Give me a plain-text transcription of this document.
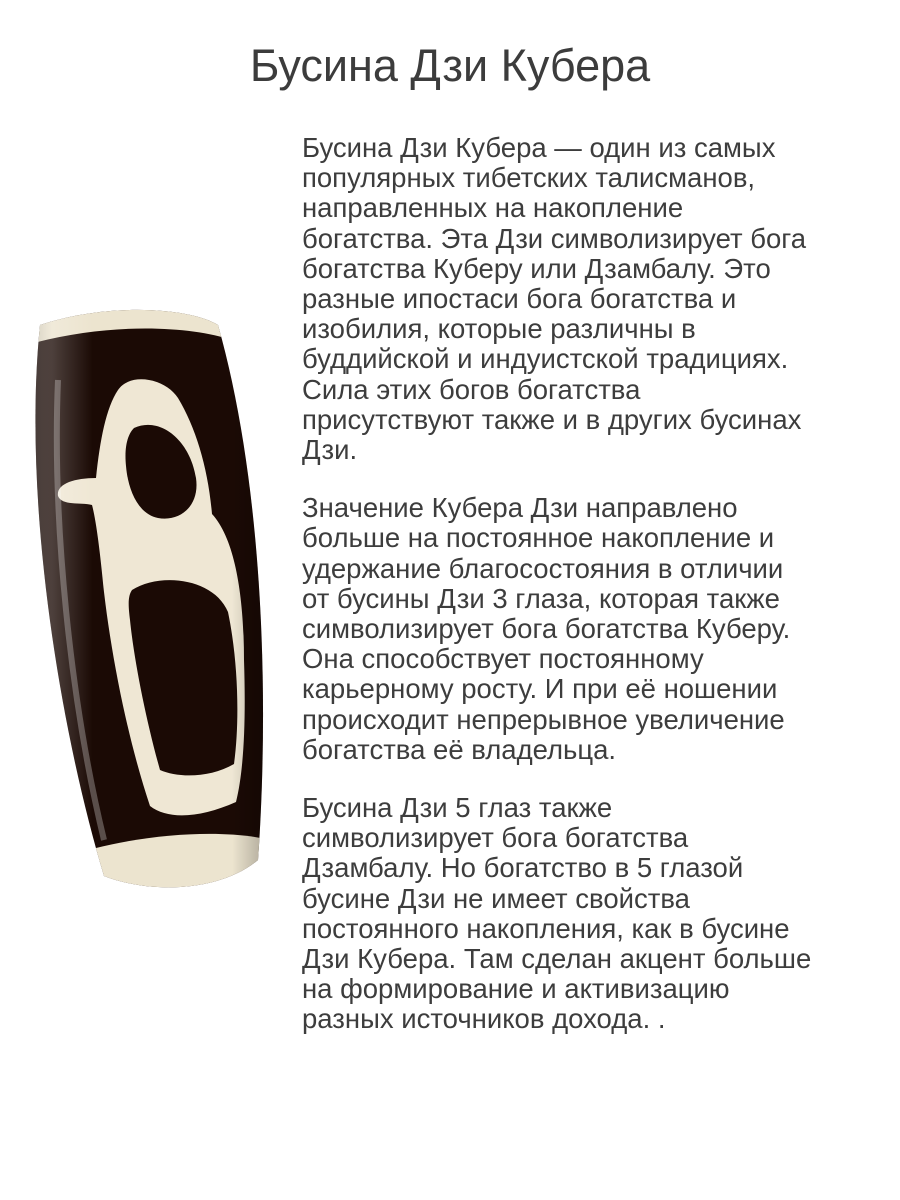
Бусина Дзи Кубера

Бусина Дзи Кубера — один из самых
популярных тибетских талисманов,
направленных на накопление
богатства. Эта Дзи символизирует бога
богатства Куберу или Дзамбалу. Это
разные ипостаси бога богатства и
изобилия, которые различны в
буддийской и индуистской традициях.
Сила этих богов богатства
присутствуют также и в других бусинах
Дзи.

Значение Кубера Дзи направлено
больше на постоянное накопление и
удержание благосостояния в отличии
от бусины Дзи 3 глаза, которая также
символизирует бога богатства Куберу.
Она способствует постоянному
карьерному росту. И при её ношении
происходит непрерывное увеличение
богатства её владельца.

Бусина Дзи 5 глаз также
символизирует бога богатства
Дзамбалу. Но богатство в 5 глазой
бусине Дзи не имеет свойства
постоянного накопления, как в бусине
Дзи Кубера. Там сделан акцент больше
на формирование и активизацию
разных источников дохода. .
